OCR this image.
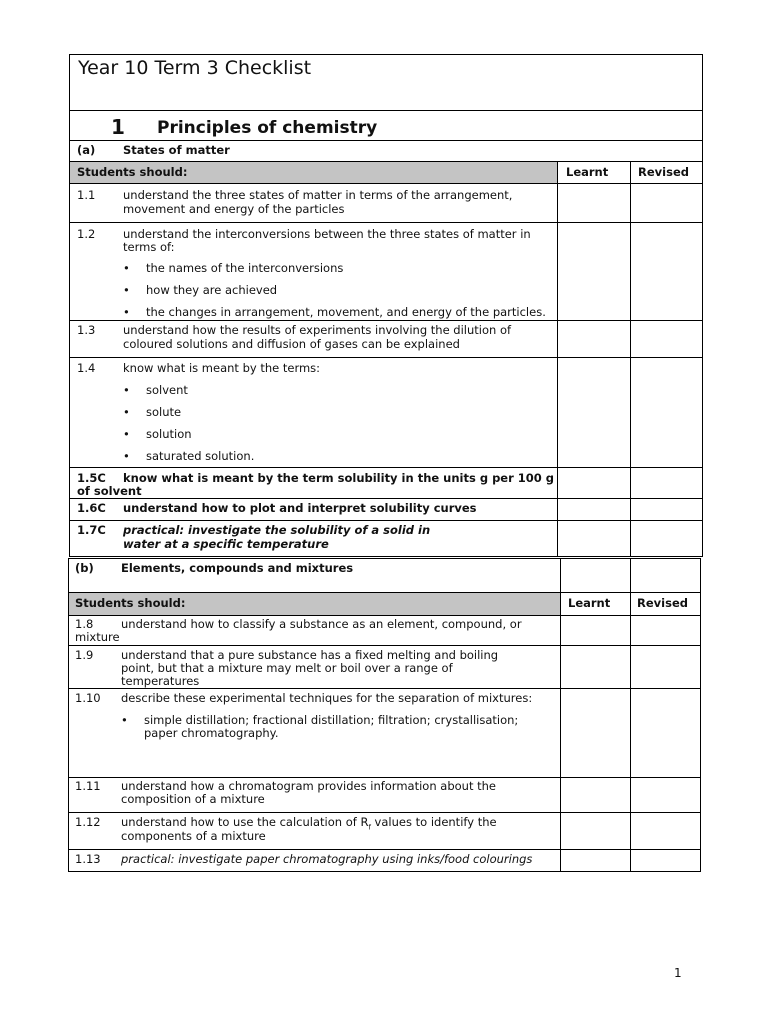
Year 10 Term 3 Checklist
1 Principles of chemistry
(a) States of matter
Students should:	Learnt	Revised
1.1 understand the three states of matter in terms of the arrangement,
movement and energy of the particles
1.2 understand the interconversions between the three states of matter in
terms of:
• the names of the interconversions
• how they are achieved
• the changes in arrangement, movement, and energy of the particles.
1.3 understand how the results of experiments involving the dilution of
coloured solutions and diffusion of gases can be explained
1.4 know what is meant by the terms:
• solvent
• solute
• solution
• saturated solution.
1.5C know what is meant by the term solubility in the units g per 100 g
of solvent
1.6C understand how to plot and interpret solubility curves
1.7C practical: investigate the solubility of a solid in
water at a specific temperature
(b) Elements, compounds and mixtures
Students should:	Learnt Revised
1.8 understand how to classify a substance as an element, compound, or
mixture
1.9 understand that a pure substance has a fixed melting and boiling
point, but that a mixture may melt or boil over a range of
temperatures
1.10 describe these experimental techniques for the separation of mixtures:
• simple distillation; fractional distillation; filtration; crystallisation;
paper chromatography.
1.11 understand how a chromatogram provides information about the
composition of a mixture
1.12 understand how to use the calculation of $R_f$ values to identify the
components of a mixture
1.13 practical: investigate paper chromatography using inks/food colourings
1
